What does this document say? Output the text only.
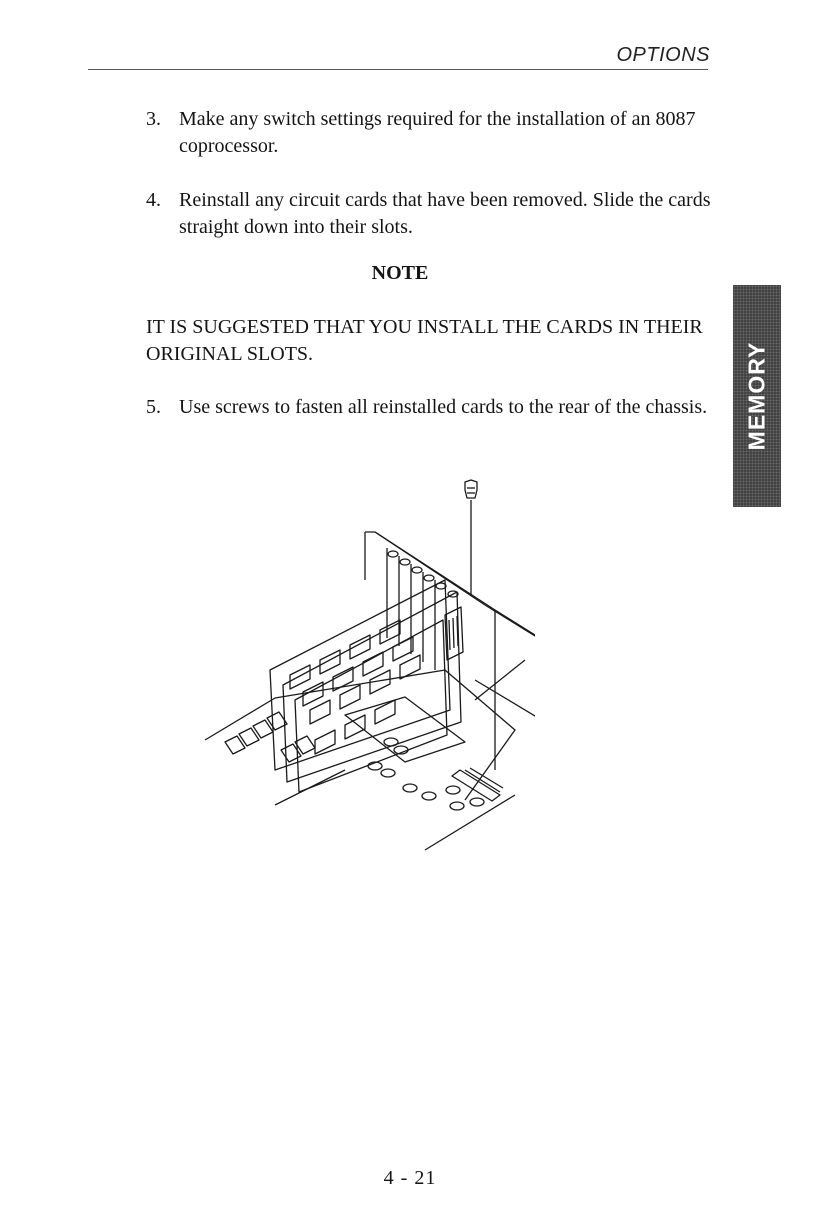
OPTIONS
3. Make any switch settings required for the installation of an 8087 coprocessor.
4. Reinstall any circuit cards that have been removed. Slide the cards straight down into their slots.
NOTE
IT IS SUGGESTED THAT YOU INSTALL THE CARDS IN THEIR ORIGINAL SLOTS.
5. Use screws to fasten all reinstalled cards to the rear of the chassis.	MEMORY
4 - 21
